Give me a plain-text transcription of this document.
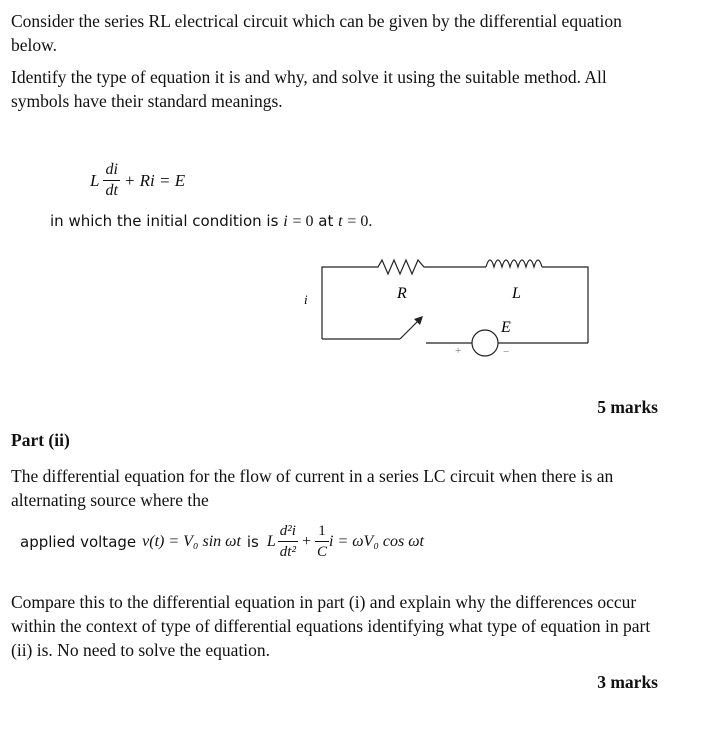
Consider the series RL electrical circuit which can be given by the differential equation
below.
Identify the type of equation it is and why, and solve it using the suitable method. All
symbols have their standard meanings.
L $\frac{di}{dt} + Ri = E$
in which the initial condition is i = 0 at t = 0.
R	L
E
i
+	−
5 marks
Part (ii)
The differential equation for the flow of current in a series LC circuit when there is an
alternating source where the
applied voltage v(t) = V₀ sin ωt is L $\frac{\text{d²i}}{\text{dt²}} + \frac{1}{C}$ i = ωV₀ cos ωt
Compare this to the differential equation in part (i) and explain why the differences occur
within the context of type of differential equations identifying what type of equation in part
(ii) is. No need to solve the equation.
3 marks
